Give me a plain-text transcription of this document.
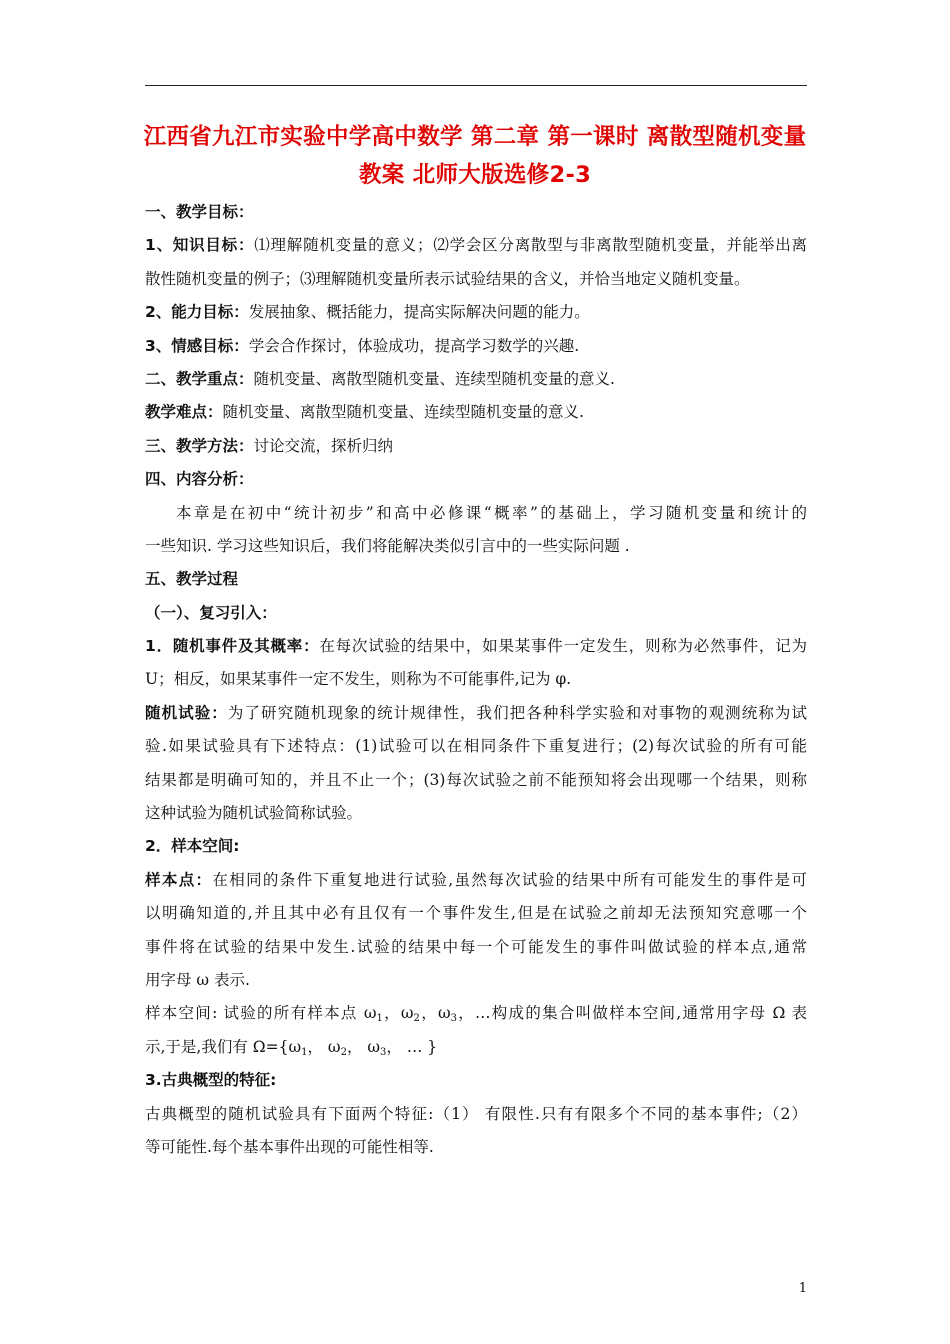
江西省九江市实验中学高中数学 第二章 第一课时 离散型随机变量
教案 北师大版选修2-3
一、教学目标：
1、知识目标：⑴理解随机变量的意义；⑵学会区分离散型与非离散型随机变量，并能举出离
散性随机变量的例子；⑶理解随机变量所表示试验结果的含义，并恰当地定义随机变量。
2、能力目标：发展抽象、概括能力，提高实际解决问题的能力。
3、情感目标：学会合作探讨，体验成功，提高学习数学的兴趣.
二、教学重点：随机变量、离散型随机变量、连续型随机变量的意义.
教学难点：随机变量、离散型随机变量、连续型随机变量的意义.
三、教学方法：讨论交流，探析归纳
四、内容分析：
本章是在初中“统计初步”和高中必修课“概率”的基础上，学习随机变量和统计的
一些知识. 学习这些知识后，我们将能解决类似引言中的一些实际问题 .
五、教学过程
（一）、复习引入：
1．随机事件及其概率：在每次试验的结果中，如果某事件一定发生，则称为必然事件，记为
U；相反，如果某事件一定不发生，则称为不可能事件,记为 φ.
随机试验：为了研究随机现象的统计规律性，我们把各种科学实验和对事物的观测统称为试
验.如果试验具有下述特点：(1)试验可以在相同条件下重复进行；(2)每次试验的所有可能
结果都是明确可知的，并且不止一个；(3)每次试验之前不能预知将会出现哪一个结果，则称
这种试验为随机试验简称试验。
2．样本空间:
样本点：在相同的条件下重复地进行试验,虽然每次试验的结果中所有可能发生的事件是可
以明确知道的,并且其中必有且仅有一个事件发生,但是在试验之前却无法预知究意哪一个
事件将在试验的结果中发生.试验的结果中每一个可能发生的事件叫做试验的样本点,通常
用字母 ω 表示.
样本空间: 试验的所有样本点 ω1，ω2，ω3，…构成的集合叫做样本空间,通常用字母 Ω 表
示,于是,我们有 Ω={ω1， ω2， ω3， … }
3.古典概型的特征:
古典概型的随机试验具有下面两个特征:（1） 有限性.只有有限多个不同的基本事件;（2）
等可能性.每个基本事件出现的可能性相等.
1
